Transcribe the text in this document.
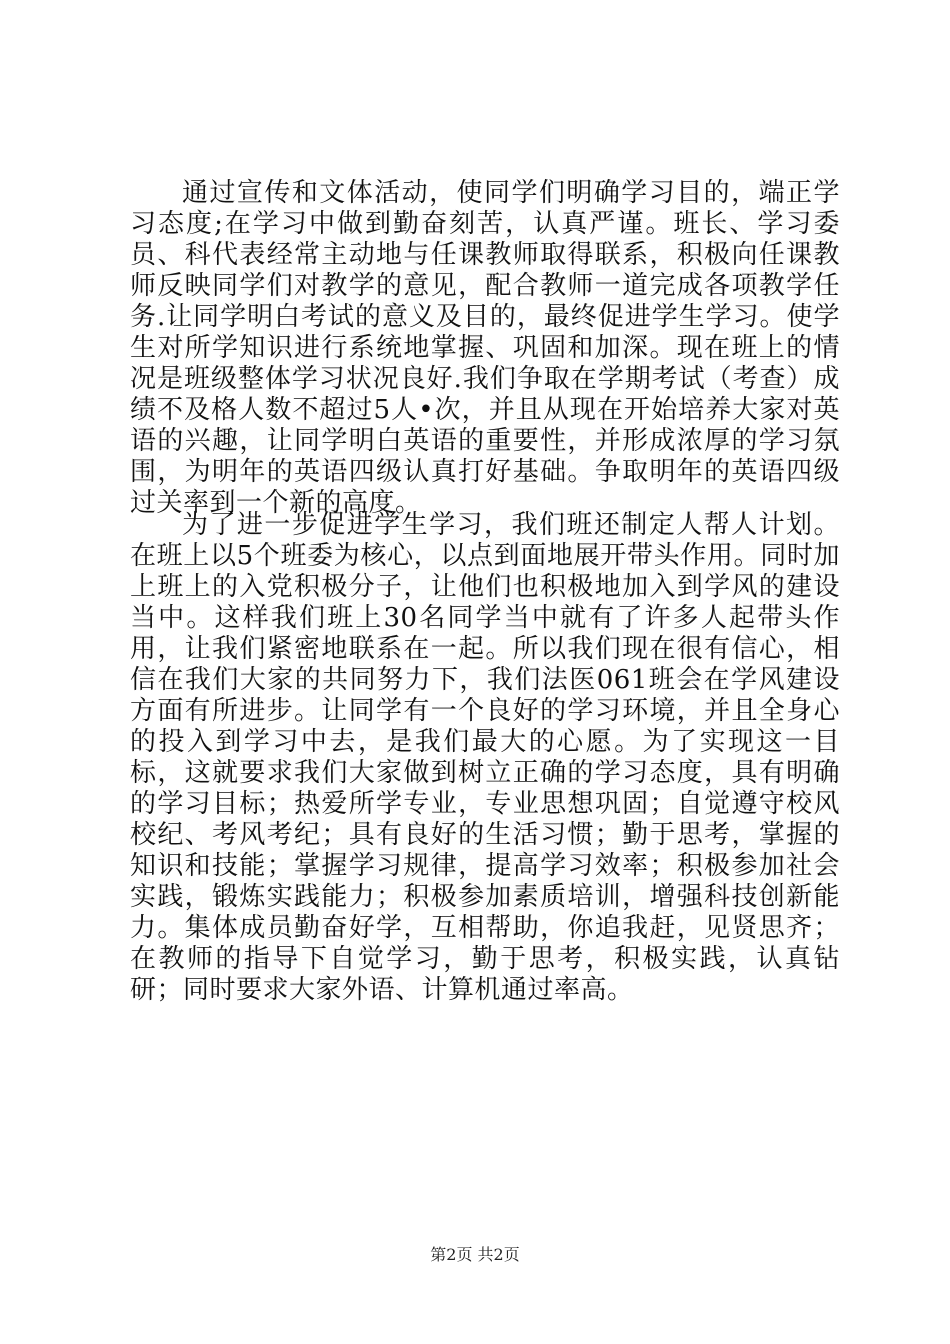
通过宣传和文体活动，使同学们明确学习目的，端正学习态度;在学习中做到勤奋刻苦，认真严谨。班长、学习委员、科代表经常主动地与任课教师取得联系，积极向任课教师反映同学们对教学的意见，配合教师一道完成各项教学任务.让同学明白考试的意义及目的，最终促进学生学习。使学生对所学知识进行系统地掌握、巩固和加深。现在班上的情况是班级整体学习状况良好.我们争取在学期考试（考查）成绩不及格人数不超过5人•次，并且从现在开始培养大家对英语的兴趣，让同学明白英语的重要性，并形成浓厚的学习氛围，为明年的英语四级认真打好基础。争取明年的英语四级过关率到一个新的高度。

为了进一步促进学生学习，我们班还制定人帮人计划。在班上以5个班委为核心，以点到面地展开带头作用。同时加上班上的入党积极分子，让他们也积极地加入到学风的建设当中。这样我们班上30名同学当中就有了许多人起带头作用，让我们紧密地联系在一起。所以我们现在很有信心，相信在我们大家的共同努力下，我们法医061班会在学风建设方面有所进步。让同学有一个良好的学习环境，并且全身心的投入到学习中去，是我们最大的心愿。为了实现这一目标，这就要求我们大家做到树立正确的学习态度，具有明确的学习目标；热爱所学专业，专业思想巩固；自觉遵守校风校纪、考风考纪；具有良好的生活习惯；勤于思考，掌握的知识和技能；掌握学习规律，提高学习效率；积极参加社会实践，锻炼实践能力；积极参加素质培训，增强科技创新能力。集体成员勤奋好学，互相帮助，你追我赶，见贤思齐；在教师的指导下自觉学习，勤于思考，积极实践，认真钻研；同时要求大家外语、计算机通过率高。

第2页 共2页
